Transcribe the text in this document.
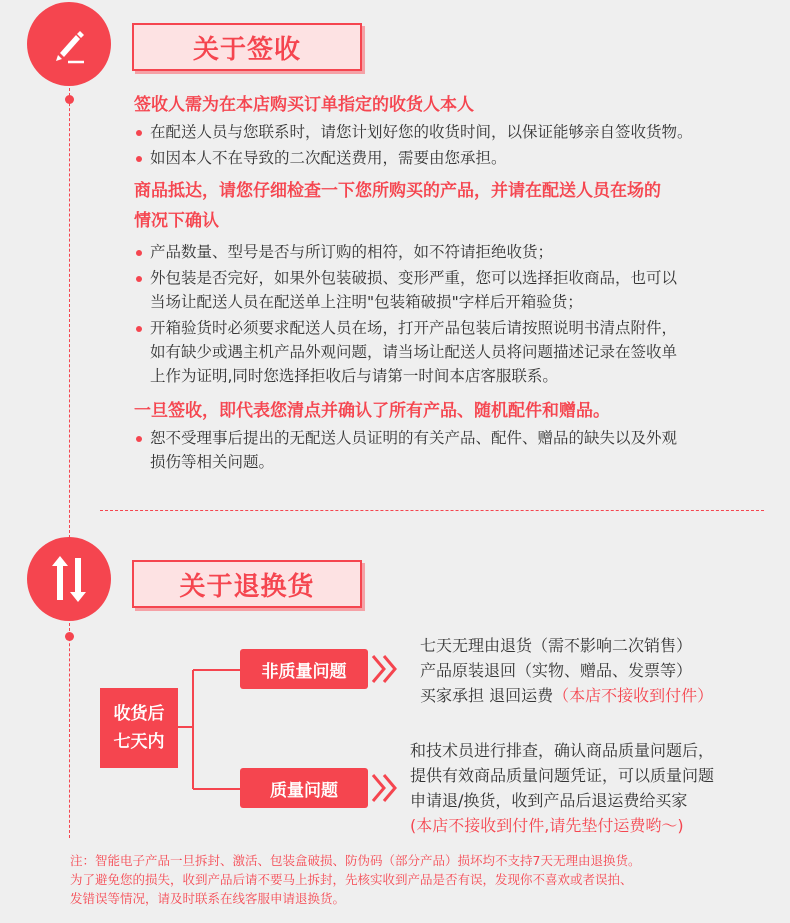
关于签收
签收人需为在本店购买订单指定的收货人本人
在配送人员与您联系时，请您计划好您的收货时间，以保证能够亲自签收货物。
如因本人不在导致的二次配送费用，需要由您承担。
商品抵达，请您仔细检查一下您所购买的产品，并请在配送人员在场的
情况下确认
产品数量、型号是否与所订购的相符，如不符请拒绝收货；
外包装是否完好，如果外包装破损、变形严重，您可以选择拒收商品，也可以
当场让配送人员在配送单上注明"包装箱破损"字样后开箱验货；
开箱验货时必须要求配送人员在场，打开产品包装后请按照说明书清点附件，
如有缺少或遇主机产品外观问题，请当场让配送人员将问题描述记录在签收单
上作为证明,同时您选择拒收后与请第一时间本店客服联系。
一旦签收，即代表您清点并确认了所有产品、随机配件和赠品。
恕不受理事后提出的无配送人员证明的有关产品、配件、赠品的缺失以及外观
损伤等相关问题。
关于退换货
收货后
七天内
非质量问题
七天无理由退货（需不影响二次销售）
产品原装退回（实物、赠品、发票等）
买家承担 退回运费（本店不接收到付件）
质量问题
和技术员进行排查，确认商品质量问题后，
提供有效商品质量问题凭证，可以质量问题
申请退/换货，收到产品后退运费给买家
(本店不接收到付件,请先垫付运费哟～)
注：智能电子产品一旦拆封、激活、包装盒破损、防伪码（部分产品）损坏均不支持7天无理由退换货。
为了避免您的损失，收到产品后请不要马上拆封，先核实收到产品是否有误，发现你不喜欢或者误拍、
发错误等情况，请及时联系在线客服申请退换货。
